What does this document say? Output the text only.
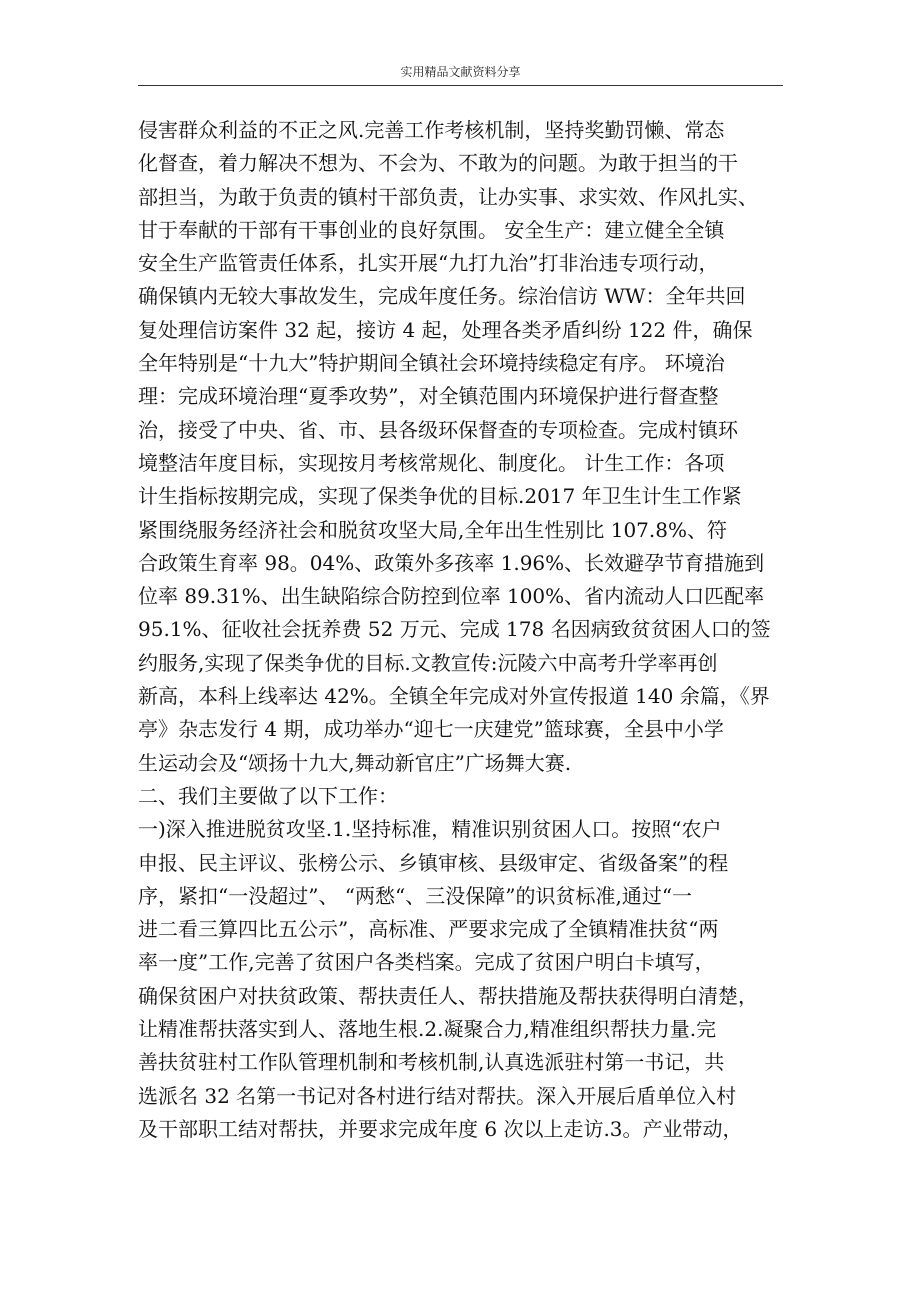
实用精品文献资料分享
侵害群众利益的不正之风.完善工作考核机制，坚持奖勤罚懒、常态
化督查，着力解决不想为、不会为、不敢为的问题。为敢于担当的干
部担当，为敢于负责的镇村干部负责，让办实事、求实效、作风扎实、
甘于奉献的干部有干事创业的良好氛围。 安全生产：建立健全全镇
安全生产监管责任体系，扎实开展“九打九治”打非治违专项行动，
确保镇内无较大事故发生，完成年度任务。综治信访 WW：全年共回
复处理信访案件 32 起，接访 4 起，处理各类矛盾纠纷 122 件，确保
全年特别是“十九大”特护期间全镇社会环境持续稳定有序。 环境治
理：完成环境治理“夏季攻势”，对全镇范围内环境保护进行督查整
治，接受了中央、省、市、县各级环保督查的专项检查。完成村镇环
境整洁年度目标，实现按月考核常规化、制度化。 计生工作：各项
计生指标按期完成，实现了保类争优的目标.2017 年卫生计生工作紧
紧围绕服务经济社会和脱贫攻坚大局,全年出生性别比 107.8%、符
合政策生育率 98。04%、政策外多孩率 1.96%、长效避孕节育措施到
位率 89.31%、出生缺陷综合防控到位率 100%、省内流动人口匹配率
95.1%、征收社会抚养费 52 万元、完成 178 名因病致贫贫困人口的签
约服务,实现了保类争优的目标.文教宣传:沅陵六中高考升学率再创
新高，本科上线率达 42%。全镇全年完成对外宣传报道 140 余篇，《界
亭》杂志发行 4 期，成功举办“迎七一庆建党”篮球赛，全县中小学
生运动会及“颂扬十九大,舞动新官庄”广场舞大赛.
二、我们主要做了以下工作：
一)深入推进脱贫攻坚.1.坚持标准，精准识别贫困人口。按照“农户
申报、民主评议、张榜公示、乡镇审核、县级审定、省级备案”的程
序，紧扣“一没超过”、 “两愁“、三没保障”的识贫标准,通过“一
进二看三算四比五公示”，高标准、严要求完成了全镇精准扶贫“两
率一度”工作,完善了贫困户各类档案。完成了贫困户明白卡填写，
确保贫困户对扶贫政策、帮扶责任人、帮扶措施及帮扶获得明白清楚，
让精准帮扶落实到人、落地生根.2.凝聚合力,精准组织帮扶力量.完
善扶贫驻村工作队管理机制和考核机制,认真选派驻村第一书记，共
选派名 32 名第一书记对各村进行结对帮扶。深入开展后盾单位入村
及干部职工结对帮扶，并要求完成年度 6 次以上走访.3。产业带动，
